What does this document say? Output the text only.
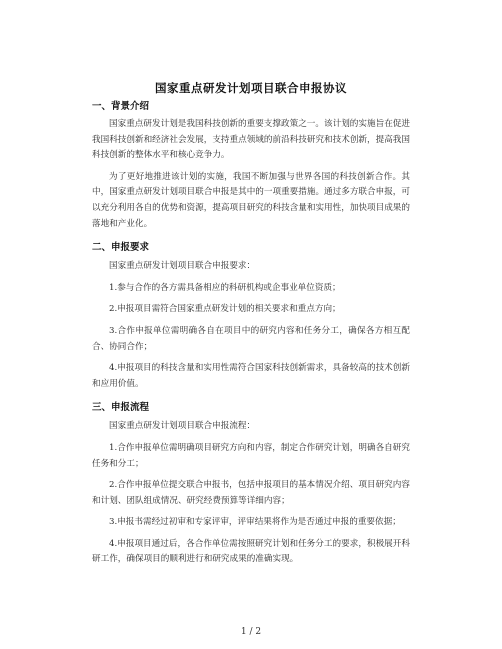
国家重点研发计划项目联合申报协议
一、背景介绍

国家重点研发计划是我国科技创新的重要支撑政策之一。该计划的实施旨在促进我国科技创新和经济社会发展，支持重点领域的前沿科技研究和技术创新，提高我国科技创新的整体水平和核心竞争力。

为了更好地推进该计划的实施，我国不断加强与世界各国的科技创新合作。其中，国家重点研发计划项目联合申报是其中的一项重要措施。通过多方联合申报，可以充分利用各自的优势和资源，提高项目研究的科技含量和实用性，加快项目成果的落地和产业化。

二、申报要求

国家重点研发计划项目联合申报要求：

1.参与合作的各方需具备相应的科研机构或企事业单位资质；

2.申报项目需符合国家重点研发计划的相关要求和重点方向；

3.合作申报单位需明确各自在项目中的研究内容和任务分工，确保各方相互配合、协同合作；

4.申报项目的科技含量和实用性需符合国家科技创新需求，具备较高的技术创新和应用价值。

三、申报流程

国家重点研发计划项目联合申报流程：

1.合作申报单位需明确项目研究方向和内容，制定合作研究计划，明确各自研究任务和分工；

2.合作申报单位提交联合申报书，包括申报项目的基本情况介绍、项目研究内容和计划、团队组成情况、研究经费预算等详细内容；

3.申报书需经过初审和专家评审，评审结果将作为是否通过申报的重要依据；

4.申报项目通过后，各合作单位需按照研究计划和任务分工的要求，积极展开科研工作，确保项目的顺利进行和研究成果的准确实现。

1 / 2
